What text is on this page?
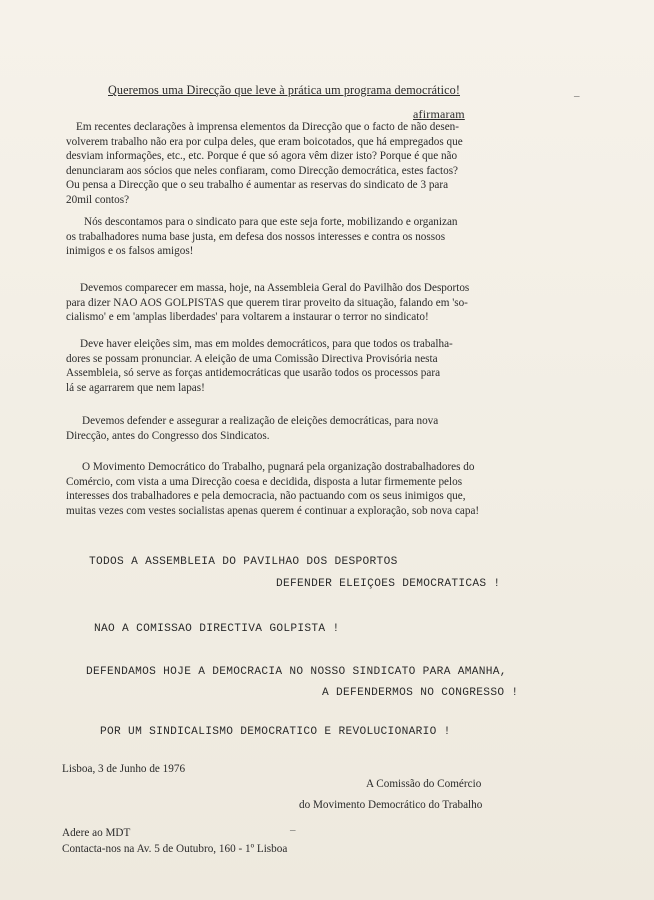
Queremos uma Direcção que leve à prática um programa democrático!
afirmaram
–
Em recentes declarações à imprensa elementos da Direcção que o facto de não desen-
volverem trabalho não era por culpa deles, que eram boicotados, que há empregados que
desviam informações, etc., etc. Porque é que só agora vêm dizer isto? Porque é que não
denunciaram aos sócios que neles confiaram, como Direcção democrática, estes factos?
Ou pensa a Direcção que o seu trabalho é aumentar as reservas do sindicato de 3 para
20mil contos?
Nós descontamos para o sindicato para que este seja forte, mobilizando e organizan
os trabalhadores numa base justa, em defesa dos nossos interesses e contra os nossos
inimigos e os falsos amigos!
Devemos comparecer em massa, hoje, na Assembleia Geral do Pavilhão dos Desportos
para dizer NAO AOS GOLPISTAS que querem tirar proveito da situação, falando em 'so-
cialismo' e em 'amplas liberdades' para voltarem a instaurar o terror no sindicato!
Deve haver eleições sim, mas em moldes democráticos, para que todos os trabalha-
dores se possam pronunciar. A eleição de uma Comissão Directiva Provisória nesta
Assembleia, só serve as forças antidemocráticas que usarão todos os processos para
lá se agarrarem que nem lapas!
Devemos defender e assegurar a realização de eleições democráticas, para nova
Direcção, antes do Congresso dos Sindicatos.
O Movimento Democrático do Trabalho, pugnará pela organização dostrabalhadores do
Comércio, com vista a uma Direcção coesa e decidida, disposta a lutar firmemente pelos
interesses dos trabalhadores e pela democracia, não pactuando com os seus inimigos que,
muitas vezes com vestes socialistas apenas querem é continuar a exploração, sob nova capa!
TODOS A ASSEMBLEIA DO PAVILHAO DOS DESPORTOS
DEFENDER ELEIÇOES DEMOCRATICAS !
NAO A COMISSAO DIRECTIVA GOLPISTA !
DEFENDAMOS HOJE A DEMOCRACIA NO NOSSO SINDICATO PARA AMANHA,
A DEFENDERMOS NO CONGRESSO !
POR UM SINDICALISMO DEMOCRATICO E REVOLUCIONARIO !
Lisboa, 3 de Junho de 1976
A Comissão do Comércio
do Movimento Democrático do Trabalho
Adere ao MDT	–
Contacta-nos na Av. 5 de Outubro, 160 - 1º Lisboa
